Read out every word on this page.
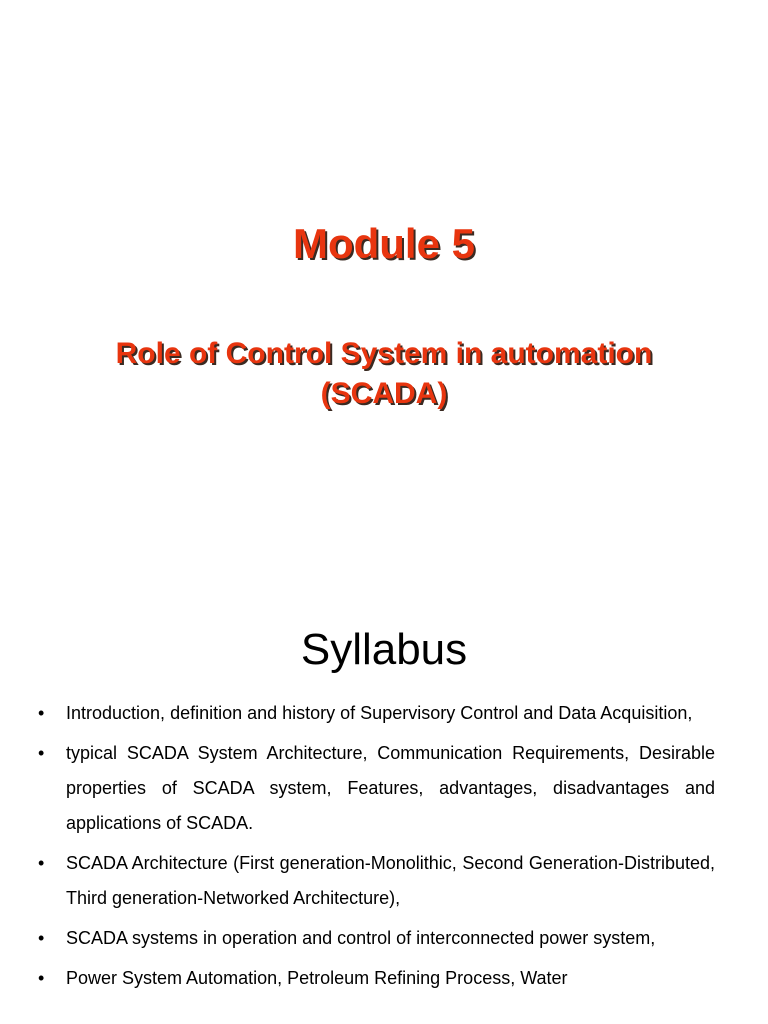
Module 5
Role of Control System in automation (SCADA)
Syllabus
• Introduction, definition and history of Supervisory Control and Data Acquisition,
• typical SCADA System Architecture, Communication Requirements, Desirable properties of SCADA system, Features, advantages, disadvantages and applications of SCADA.
• SCADA Architecture (First generation-Monolithic, Second Generation-Distributed, Third generation-Networked Architecture),
• SCADA systems in operation and control of interconnected power system,
• Power System Automation, Petroleum Refining Process, Water
